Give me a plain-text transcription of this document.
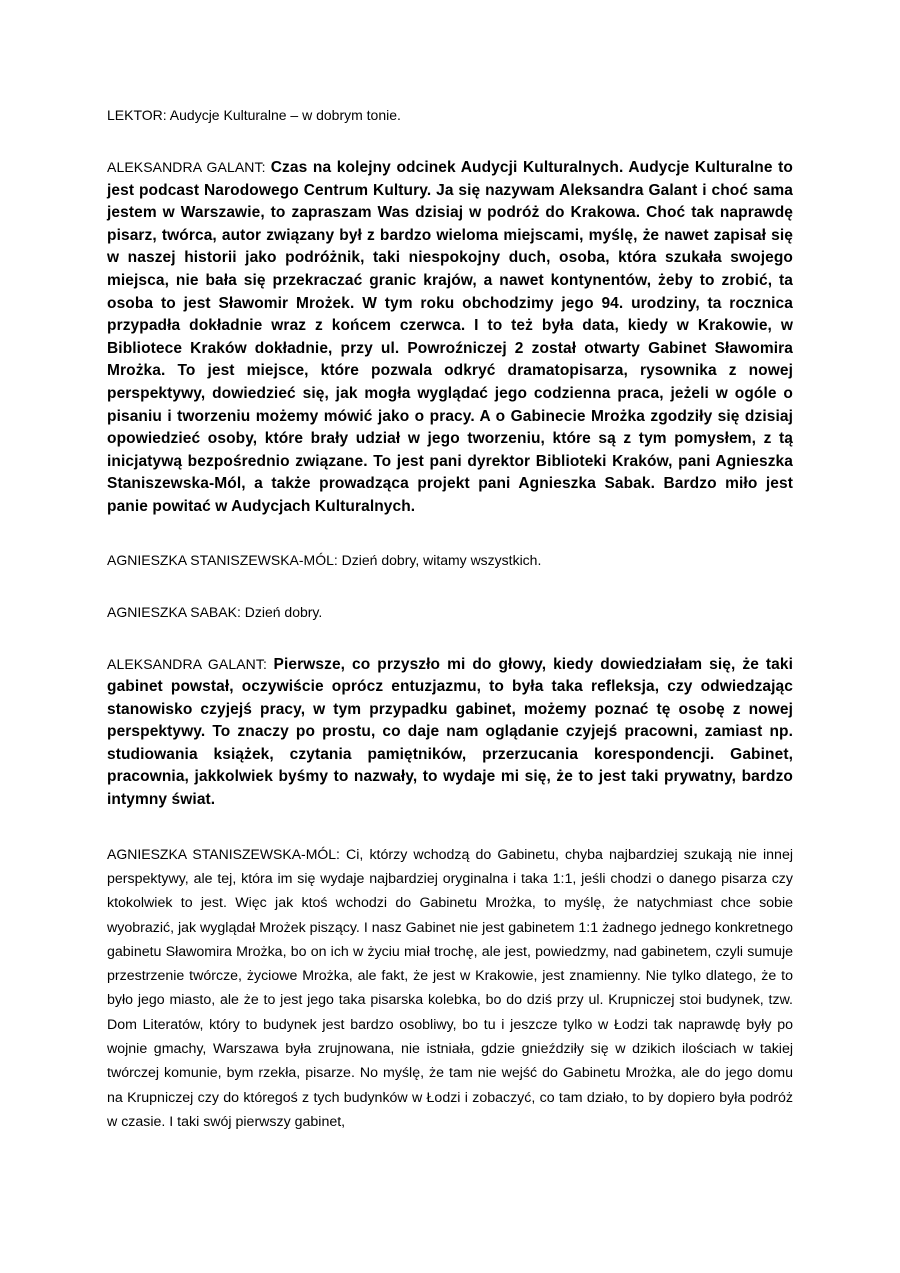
LEKTOR: Audycje Kulturalne – w dobrym tonie.

ALEKSANDRA GALANT: Czas na kolejny odcinek Audycji Kulturalnych. Audycje Kulturalne to jest podcast Narodowego Centrum Kultury. Ja się nazywam Aleksandra Galant i choć sama jestem w Warszawie, to zapraszam Was dzisiaj w podróż do Krakowa. Choć tak naprawdę pisarz, twórca, autor związany był z bardzo wieloma miejscami, myślę, że nawet zapisał się w naszej historii jako podróżnik, taki niespokojny duch, osoba, która szukała swojego miejsca, nie bała się przekraczać granic krajów, a nawet kontynentów, żeby to zrobić, ta osoba to jest Sławomir Mrożek. W tym roku obchodzimy jego 94. urodziny, ta rocznica przypadła dokładnie wraz z końcem czerwca. I to też była data, kiedy w Krakowie, w Bibliotece Kraków dokładnie, przy ul. Powroźniczej 2 został otwarty Gabinet Sławomira Mrożka. To jest miejsce, które pozwala odkryć dramatopisarza, rysownika z nowej perspektywy, dowiedzieć się, jak mogła wyglądać jego codzienna praca, jeżeli w ogóle o pisaniu i tworzeniu możemy mówić jako o pracy. A o Gabinecie Mrożka zgodziły się dzisiaj opowiedzieć osoby, które brały udział w jego tworzeniu, które są z tym pomysłem, z tą inicjatywą bezpośrednio związane. To jest pani dyrektor Biblioteki Kraków, pani Agnieszka Staniszewska-Mól, a także prowadząca projekt pani Agnieszka Sabak. Bardzo miło jest panie powitać w Audycjach Kulturalnych.

AGNIESZKA STANISZEWSKA-MÓL: Dzień dobry, witamy wszystkich.

AGNIESZKA SABAK: Dzień dobry.

ALEKSANDRA GALANT: Pierwsze, co przyszło mi do głowy, kiedy dowiedziałam się, że taki gabinet powstał, oczywiście oprócz entuzjazmu, to była taka refleksja, czy odwiedzając stanowisko czyjejś pracy, w tym przypadku gabinet, możemy poznać tę osobę z nowej perspektywy. To znaczy po prostu, co daje nam oglądanie czyjejś pracowni, zamiast np. studiowania książek, czytania pamiętników, przerzucania korespondencji. Gabinet, pracownia, jakkolwiek byśmy to nazwały, to wydaje mi się, że to jest taki prywatny, bardzo intymny świat.

AGNIESZKA STANISZEWSKA-MÓL: Ci, którzy wchodzą do Gabinetu, chyba najbardziej szukają nie innej perspektywy, ale tej, która im się wydaje najbardziej oryginalna i taka 1:1, jeśli chodzi o danego pisarza czy ktokolwiek to jest. Więc jak ktoś wchodzi do Gabinetu Mrożka, to myślę, że natychmiast chce sobie wyobrazić, jak wyglądał Mrożek piszący. I nasz Gabinet nie jest gabinetem 1:1 żadnego jednego konkretnego gabinetu Sławomira Mrożka, bo on ich w życiu miał trochę, ale jest, powiedzmy, nad gabinetem, czyli sumuje przestrzenie twórcze, życiowe Mrożka, ale fakt, że jest w Krakowie, jest znamienny. Nie tylko dlatego, że to było jego miasto, ale że to jest jego taka pisarska kolebka, bo do dziś przy ul. Krupniczej stoi budynek, tzw. Dom Literatów, który to budynek jest bardzo osobliwy, bo tu i jeszcze tylko w Łodzi tak naprawdę były po wojnie gmachy, Warszawa była zrujnowana, nie istniała, gdzie gnieździły się w dzikich ilościach w takiej twórczej komunie, bym rzekła, pisarze. No myślę, że tam nie wejść do Gabinetu Mrożka, ale do jego domu na Krupniczej czy do któregoś z tych budynków w Łodzi i zobaczyć, co tam działo, to by dopiero była podróż w czasie. I taki swój pierwszy gabinet,
